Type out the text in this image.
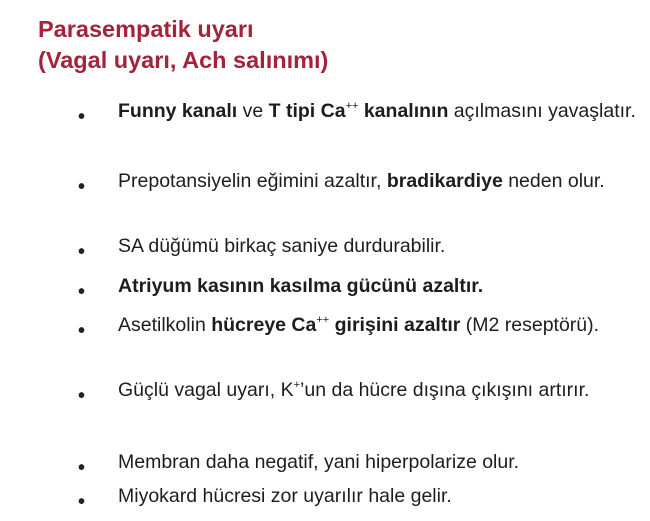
Parasempatik uyarı
(Vagal uyarı, Ach salınımı)
• Funny kanalı ve T tipi Ca++ kanalının açılmasını yavaşlatır.
• Prepotansiyelin eğimini azaltır, bradikardiye neden olur.
• SA düğümü birkaç saniye durdurabilir.
• Atriyum kasının kasılma gücünü azaltır.
• Asetilkolin hücreye Ca++ girişini azaltır (M2 reseptörü).
• Güçlü vagal uyarı, K+’un da hücre dışına çıkışını artırır.
• Membran daha negatif, yani hiperpolarize olur.
• Miyokard hücresi zor uyarılır hale gelir.
